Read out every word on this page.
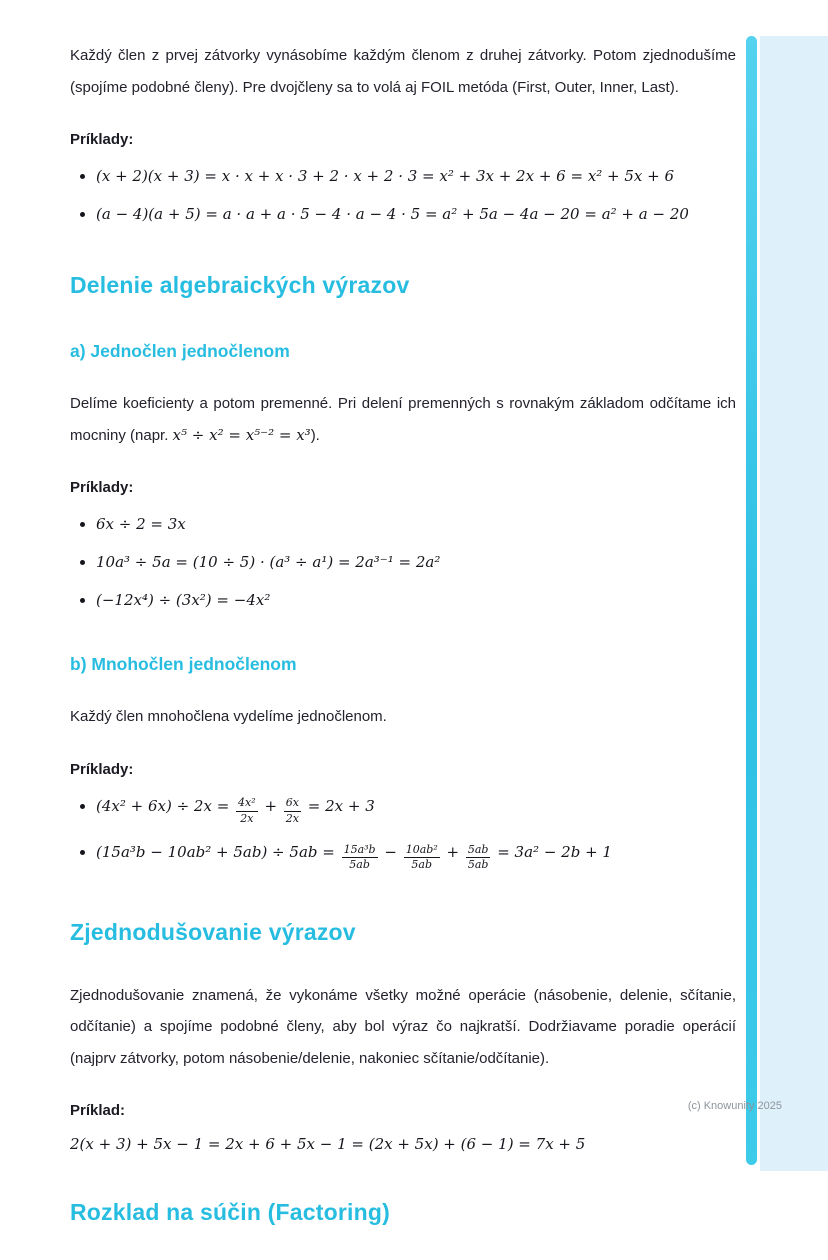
(c) Knowunity 2025

Každý člen z prvej zátvorky vynásobíme každým členom z druhej zátvorky. Potom zjednodušíme (spojíme podobné členy). Pre dvojčleny sa to volá aj FOIL metóda (First, Outer, Inner, Last).

Príklady:

• (x + 2)(x + 3) = x · x + x · 3 + 2 · x + 2 · 3 = x² + 3x + 2x + 6 = x² + 5x + 6
• (a − 4)(a + 5) = a · a + a · 5 − 4 · a − 4 · 5 = a² + 5a − 4a − 20 = a² + a − 20
Delenie algebraických výrazov
a) Jednočlen jednočlenom

Delíme koeficienty a potom premenné. Pri delení premenných s rovnakým základom odčítame ich mocniny (napr. x⁵ ÷ x² = x⁵⁻² = x³).

Príklady:

• 6x ÷ 2 = 3x
• 10a³ ÷ 5a = (10 ÷ 5) · (a³ ÷ a¹) = 2a³⁻¹ = 2a²
• (−12x⁴) ÷ (3x²) = −4x²
b) Mnohočlen jednočlenom

Každý člen mnohočlena vydelíme jednočlenom.

Príklady:

• $(4x^2 + 6x) \div 2x = \frac{\text{4x²}}{2x} + \frac{6x}{2x} = 2x + 3$
• $(15a^3b - 10ab^2 + 5ab) \div 5ab = \frac{\text{15a³b}}{5ab} - \frac{\text{10ab²}}{5ab} + \frac{5ab}{5ab} = 3a^2 - 2b + 1$
Zjednodušovanie výrazov

Zjednodušovanie znamená, že vykonáme všetky možné operácie (násobenie, delenie, sčítanie, odčítanie) a spojíme podobné členy, aby bol výraz čo najkratší. Dodržiavame poradie operácií (najprv zátvorky, potom násobenie/delenie, nakoniec sčítanie/odčítanie).

Príklad:

2(x + 3) + 5x − 1 = 2x + 6 + 5x − 1 = (2x + 5x) + (6 − 1) = 7x + 5

Rozklad na súčin (Factoring)
